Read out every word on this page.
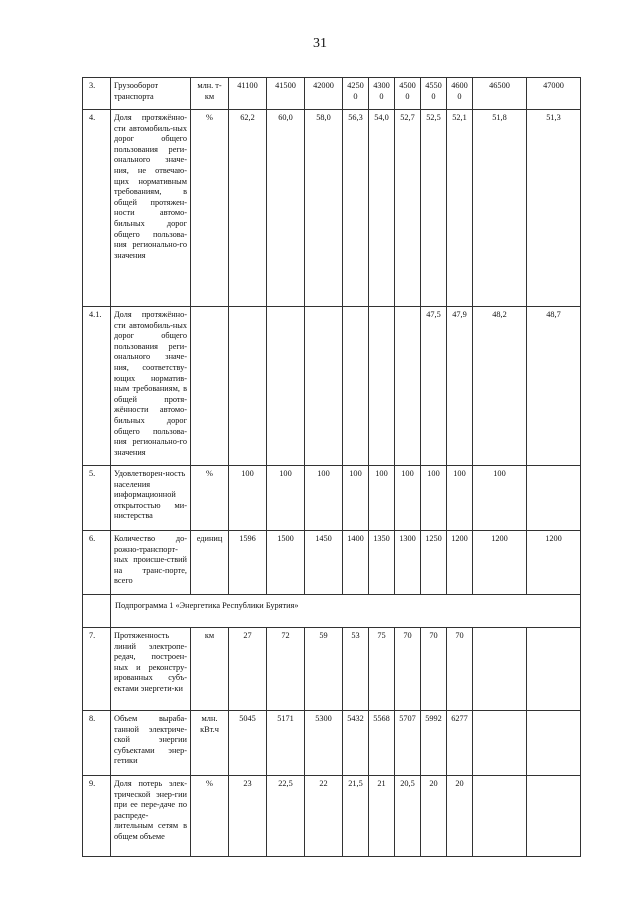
31
3.	Грузооборот транспорта	млн. т-км	41100	41500	42000	4250 0	4300 0	4500 0	4550 0	4600 0	46500	47000
4.	Доля протяжённо-сти автомобиль-ных дорог общего пользования реги-онального значе-ния, не отвечаю-щих нормативным требованиям, в общей протяжен-ности автомо-бильных дорог общего пользова-ния регионально-го значения	%	62,2	60,0	58,0	56,3	54,0	52,7	52,5	52,1	51,8	51,3
4.1.	Доля протяжённо-сти автомобиль-ных дорог общего пользования реги-онального значе-ния, соответству-ющих норматив-ным требованиям, в общей протя-жённости автомо-бильных дорог общего пользова-ния регионально-го значения								47,5	47,9	48,2	48,7
5.	Удовлетворен-ность населения информационной открытостью ми-нистерства	%	100	100	100	100	100	100	100	100	100	
6.	Количество до-рожно-транспорт-ных происше-ствий на транс-порте, всего	единиц	1596	1500	1450	1400	1350	1300	1250	1200	1200	1200
	Подпрограмма 1 «Энергетика Республики Бурятия»											
7.	Протяженность линий электропе-редач, построен-ных и реконстру-ированных субъ-ектами энергети-ки	км	27	72	59	53	75	70	70	70		
8.	Объем выраба-танной электриче-ской энергии субъектами энер-гетики	млн. кВт.ч	5045	5171	5300	5432	5568	5707	5992	6277		
9.	Доля потерь элек-трической энер-гии при ее пере-даче по распреде-лительным сетям в общем объеме	%	23	22,5	22	21,5	21	20,5	20	20		
